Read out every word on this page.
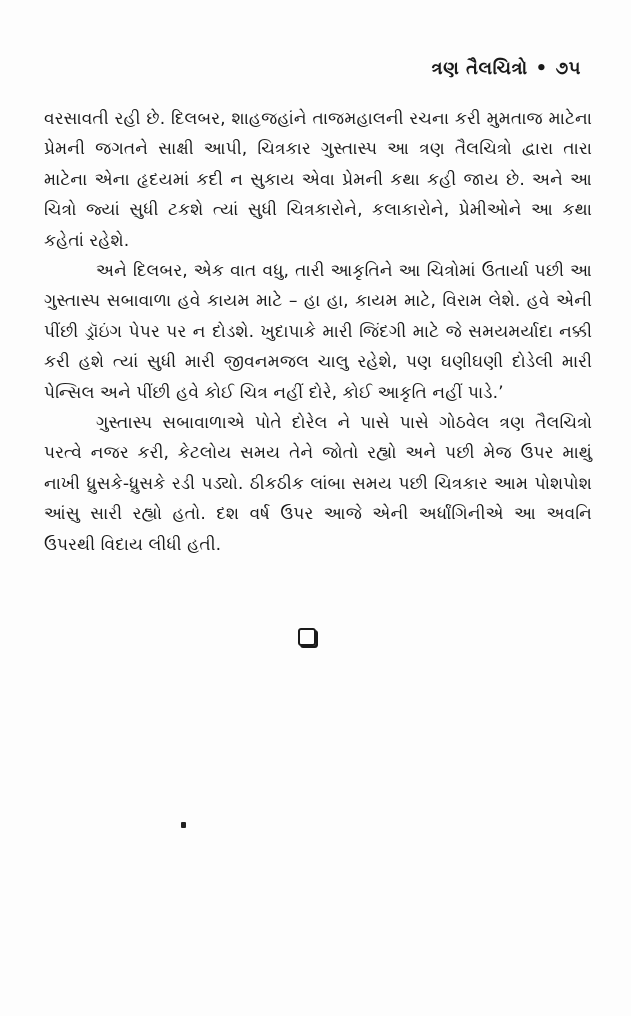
ત્રણ તૈલચિત્રો • ૭૫

વરસાવતી રહી છે. દિલબર, શાહજહાંને તાજમહાલની રચના કરી મુમતાજ માટેના પ્રેમની જગતને સાક્ષી આપી, ચિત્રકાર ગુસ્તાસ્પ આ ત્રણ તૈલચિત્રો દ્વારા તારા માટેના એના હૃદયમાં કદી ન સુકાય એવા પ્રેમની કથા કહી જાય છે. અને આ ચિત્રો જ્યાં સુધી ટકશે ત્યાં સુધી ચિત્રકારોને, કલાકારોને, પ્રેમીઓને આ કથા કહેતાં રહેશે.

અને દિલબર, એક વાત વધુ, તારી આકૃતિને આ ચિત્રોમાં ઉતાર્યા પછી આ ગુસ્તાસ્પ સબાવાળા હવે કાયમ માટે – હા હા, કાયમ માટે, વિરામ લેશે. હવે એની પીંછી ડ્રૉઇંગ પેપર પર ન દોડશે. ખુદાપાકે મારી જિંદગી માટે જે સમયમર્યાદા નક્કી કરી હશે ત્યાં સુધી મારી જીવનમજલ ચાલુ રહેશે, પણ ઘણીઘણી દોડેલી મારી પેન્સિલ અને પીંછી હવે કોઈ ચિત્ર નહીં દોરે, કોઈ આકૃતિ નહીં પાડે.’

ગુસ્તાસ્પ સબાવાળાએ પોતે દોરેલ ને પાસે પાસે ગોઠવેલ ત્રણ તૈલચિત્રો પરત્વે નજર કરી, કેટલોય સમય તેને જોતો રહ્યો અને પછી મેજ ઉપર માથું નાખી ધ્રુસકે-ધ્રુસકે રડી પડ્યો. ઠીકઠીક લાંબા સમય પછી ચિત્રકાર આમ પોશપોશ આંસુ સારી રહ્યો હતો. દશ વર્ષ ઉપર આજે એની અર્ધાંગિનીએ આ અવનિ ઉપરથી વિદાય લીધી હતી.
